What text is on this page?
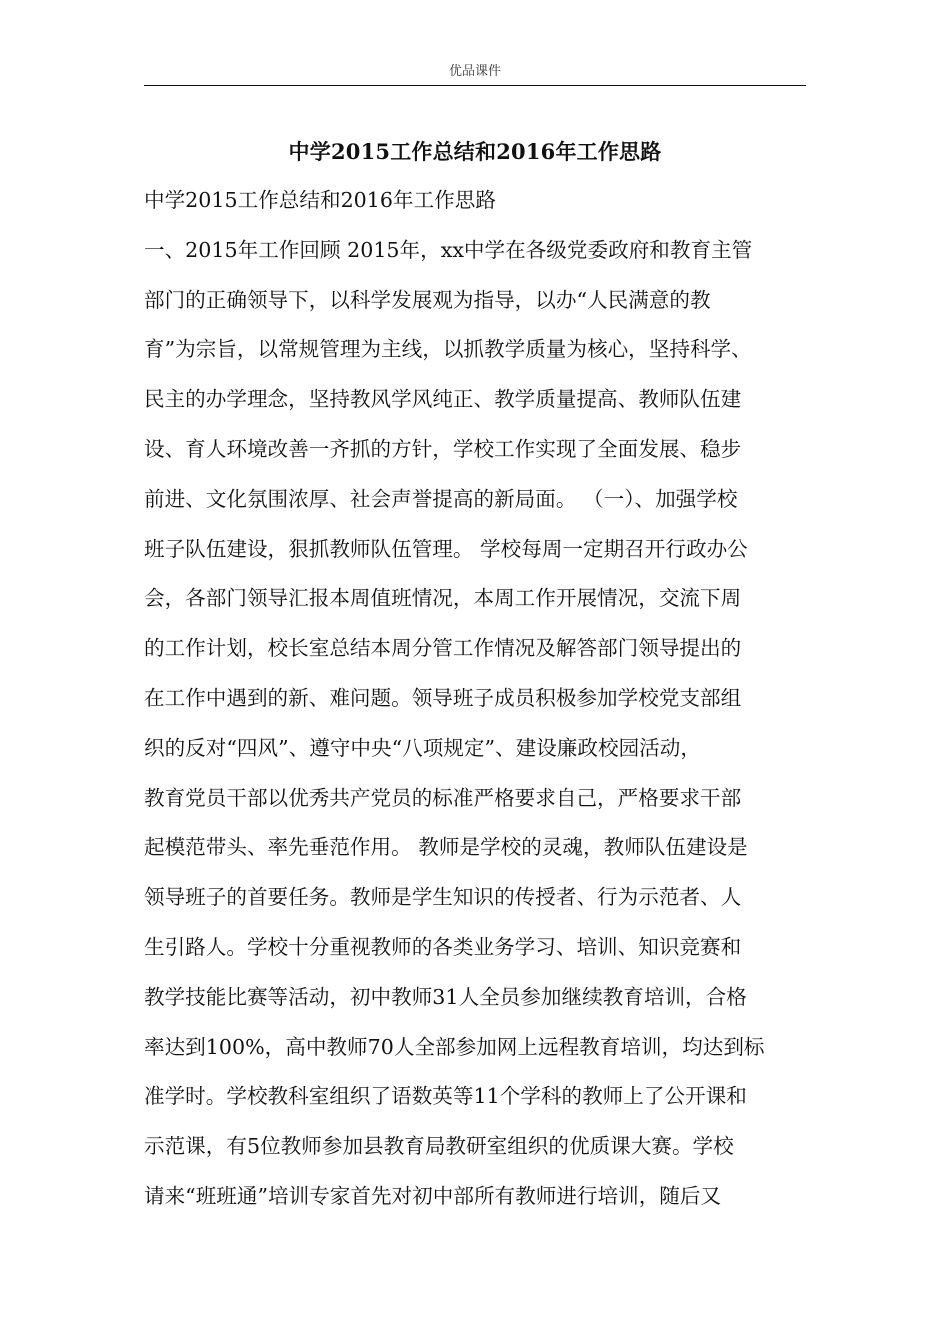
优品课件
中学2015工作总结和2016年工作思路
中学2015工作总结和2016年工作思路
一、2015年工作回顾 2015年，xx中学在各级党委政府和教育主管
部门的正确领导下，以科学发展观为指导，以办“人民满意的教
育”为宗旨，以常规管理为主线，以抓教学质量为核心，坚持科学、
民主的办学理念，坚持教风学风纯正、教学质量提高、教师队伍建
设、育人环境改善一齐抓的方针，学校工作实现了全面发展、稳步
前进、文化氛围浓厚、社会声誉提高的新局面。 （一）、加强学校
班子队伍建设，狠抓教师队伍管理。 学校每周一定期召开行政办公
会，各部门领导汇报本周值班情况，本周工作开展情况，交流下周
的工作计划，校长室总结本周分管工作情况及解答部门领导提出的
在工作中遇到的新、难问题。领导班子成员积极参加学校党支部组
织的反对“四风”、遵守中央“八项规定”、建设廉政校园活动，
教育党员干部以优秀共产党员的标准严格要求自己，严格要求干部
起模范带头、率先垂范作用。 教师是学校的灵魂，教师队伍建设是
领导班子的首要任务。教师是学生知识的传授者、行为示范者、人
生引路人。学校十分重视教师的各类业务学习、培训、知识竞赛和
教学技能比赛等活动，初中教师31人全员参加继续教育培训，合格
率达到100%，高中教师70人全部参加网上远程教育培训，均达到标
准学时。学校教科室组织了语数英等11个学科的教师上了公开课和
示范课，有5位教师参加县教育局教研室组织的优质课大赛。学校
请来“班班通”培训专家首先对初中部所有教师进行培训，随后又
